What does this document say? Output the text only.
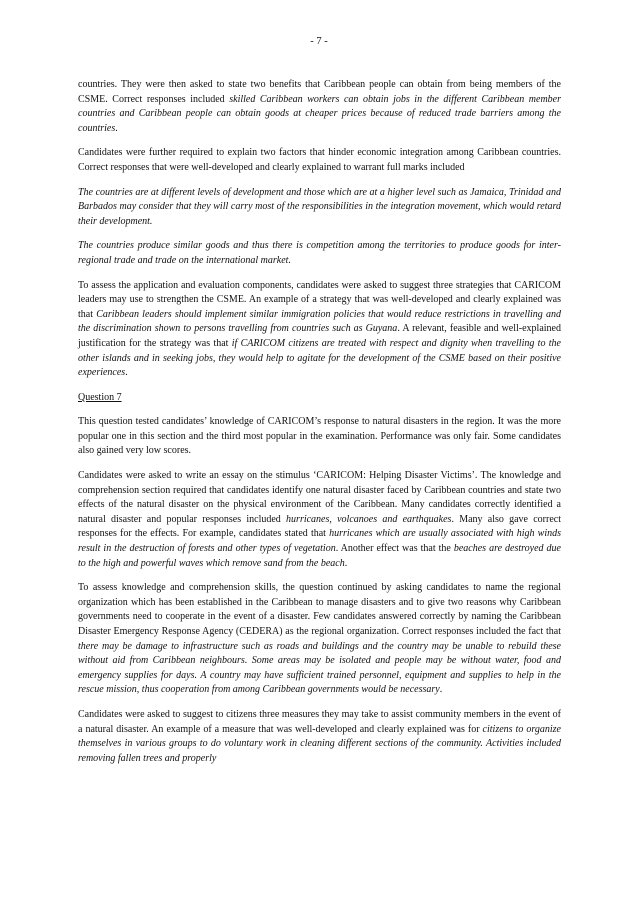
- 7 -

countries. They were then asked to state two benefits that Caribbean people can obtain from being members of the CSME. Correct responses included skilled Caribbean workers can obtain jobs in the different Caribbean member countries and Caribbean people can obtain goods at cheaper prices because of reduced trade barriers among the countries.

Candidates were further required to explain two factors that hinder economic integration among Caribbean countries. Correct responses that were well-developed and clearly explained to warrant full marks included

The countries are at different levels of development and those which are at a higher level such as Jamaica, Trinidad and Barbados may consider that they will carry most of the responsibilities in the integration movement, which would retard their development.

The countries produce similar goods and thus there is competition among the territories to produce goods for inter-regional trade and trade on the international market.

To assess the application and evaluation components, candidates were asked to suggest three strategies that CARICOM leaders may use to strengthen the CSME. An example of a strategy that was well-developed and clearly explained was that Caribbean leaders should implement similar immigration policies that would reduce restrictions in travelling and the discrimination shown to persons travelling from countries such as Guyana. A relevant, feasible and well-explained justification for the strategy was that if CARICOM citizens are treated with respect and dignity when travelling to the other islands and in seeking jobs, they would help to agitate for the development of the CSME based on their positive experiences.

Question 7

This question tested candidates’ knowledge of CARICOM’s response to natural disasters in the region. It was the more popular one in this section and the third most popular in the examination. Performance was only fair. Some candidates also gained very low scores.

Candidates were asked to write an essay on the stimulus ‘CARICOM: Helping Disaster Victims’. The knowledge and comprehension section required that candidates identify one natural disaster faced by Caribbean countries and state two effects of the natural disaster on the physical environment of the Caribbean. Many candidates correctly identified a natural disaster and popular responses included hurricanes, volcanoes and earthquakes. Many also gave correct responses for the effects. For example, candidates stated that hurricanes which are usually associated with high winds result in the destruction of forests and other types of vegetation. Another effect was that the beaches are destroyed due to the high and powerful waves which remove sand from the beach.

To assess knowledge and comprehension skills, the question continued by asking candidates to name the regional organization which has been established in the Caribbean to manage disasters and to give two reasons why Caribbean governments need to cooperate in the event of a disaster. Few candidates answered correctly by naming the Caribbean Disaster Emergency Response Agency (CEDERA) as the regional organization. Correct responses included the fact that there may be damage to infrastructure such as roads and buildings and the country may be unable to rebuild these without aid from Caribbean neighbours. Some areas may be isolated and people may be without water, food and emergency supplies for days. A country may have sufficient trained personnel, equipment and supplies to help in the rescue mission, thus cooperation from among Caribbean governments would be necessary.

Candidates were asked to suggest to citizens three measures they may take to assist community members in the event of a natural disaster. An example of a measure that was well-developed and clearly explained was for citizens to organize themselves in various groups to do voluntary work in cleaning different sections of the community. Activities included removing fallen trees and properly
